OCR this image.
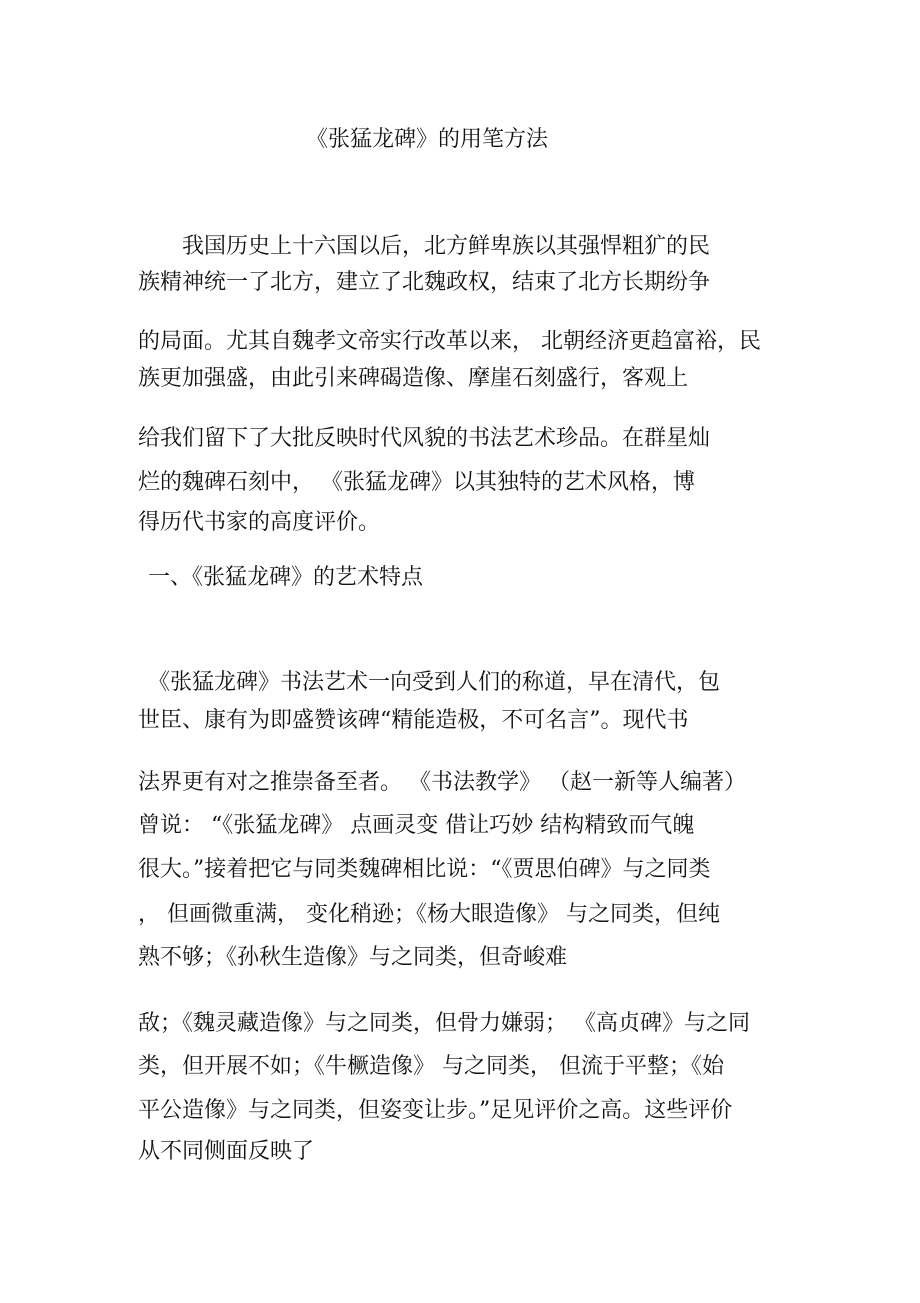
《张猛龙碑》的用笔方法

我国历史上十六国以后，北方鲜卑族以其强悍粗犷的民

族精神统一了北方，建立了北魏政权，结束了北方长期纷争

的局面。尤其自魏孝文帝实行改革以来， 北朝经济更趋富裕，民

族更加强盛，由此引来碑碣造像、摩崖石刻盛行，客观上

给我们留下了大批反映时代风貌的书法艺术珍品。在群星灿

烂的魏碑石刻中， 《张猛龙碑》以其独特的艺术风格，博

得历代书家的高度评价。

一、《张猛龙碑》的艺术特点

《张猛龙碑》书法艺术一向受到人们的称道，早在清代，包

世臣、康有为即盛赞该碑“精能造极，不可名言”。现代书

法界更有对之推崇备至者。 《书法教学》 （赵一新等人编著）

曾说： “《张猛龙碑》 点画灵变 借让巧妙 结构精致而气魄

很大。”接着把它与同类魏碑相比说：“《贾思伯碑》与之同类

， 但画微重满， 变化稍逊；《杨大眼造像》 与之同类，但纯

熟不够；《孙秋生造像》与之同类，但奇峻难

敌；《魏灵藏造像》与之同类，但骨力嫌弱； 《高贞碑》与之同

类，但开展不如；《牛橛造像》 与之同类， 但流于平整；《始

平公造像》与之同类，但姿变让步。”足见评价之高。这些评价

从不同侧面反映了
